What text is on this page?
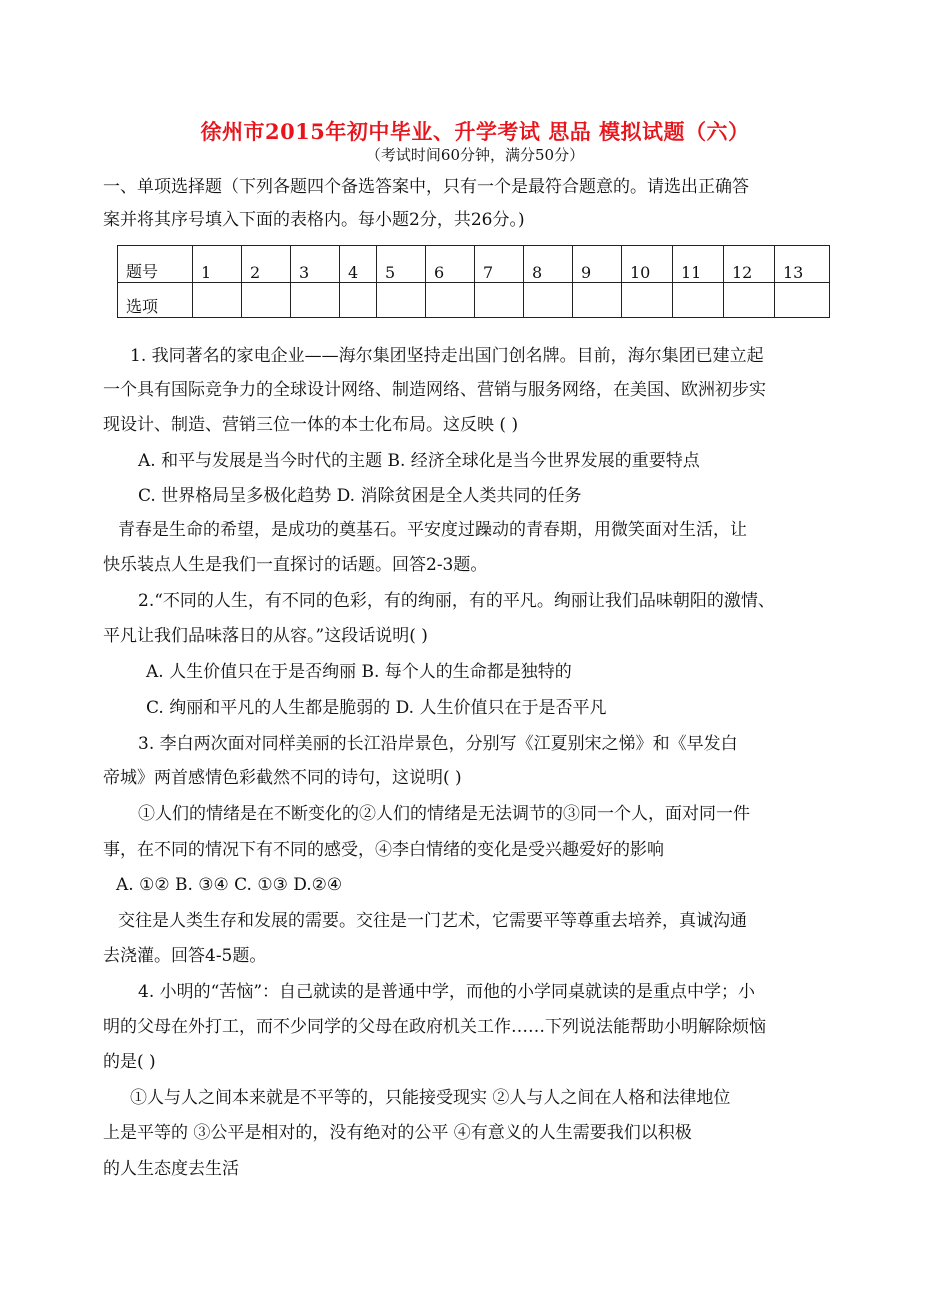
徐州市2015年初中毕业、升学考试 思品 模拟试题（六）
（考试时间60分钟，满分50分）
一、单项选择题（下列各题四个备选答案中，只有一个是最符合题意的。请选出正确答
案并将其序号填入下面的表格内。每小题2分，共26分。)
题号	1	2	3	4	5	6	7	8	9	10	11	12	13
选项													
1. 我同著名的家电企业——海尔集团坚持走出国门创名牌。目前，海尔集团已建立起
一个具有国际竞争力的全球设计网络、制造网络、营销与服务网络，在美国、欧洲初步实
现设计、制造、营销三位一体的本士化布局。这反映 ( )
A. 和平与发展是当今时代的主题 B. 经济全球化是当今世界发展的重要特点
C. 世界格局呈多极化趋势 D. 消除贫困是全人类共同的任务
青春是生命的希望，是成功的奠基石。平安度过躁动的青春期，用微笑面对生活，让
快乐装点人生是我们一直探讨的话题。回答2-3题。
2.“不同的人生，有不同的色彩，有的绚丽，有的平凡。绚丽让我们品味朝阳的激情、
平凡让我们品味落日的从容。”这段话说明( )
A. 人生价值只在于是否绚丽 B. 每个人的生命都是独特的
C. 绚丽和平凡的人生都是脆弱的 D. 人生价值只在于是否平凡
3. 李白两次面对同样美丽的长江沿岸景色，分别写《江夏别宋之悌》和《早发白
帝城》两首感情色彩截然不同的诗句，这说明( )
①人们的情绪是在不断变化的②人们的情绪是无法调节的③同一个人，面对同一件
事，在不同的情况下有不同的感受，④李白情绪的变化是受兴趣爱好的影响
A. ①② B. ③④ C. ①③ D.②④
交往是人类生存和发展的需要。交往是一门艺术，它需要平等尊重去培养，真诚沟通
去浇灌。回答4-5题。
4. 小明的“苦恼”：自己就读的是普通中学，而他的小学同桌就读的是重点中学；小
明的父母在外打工，而不少同学的父母在政府机关工作……下列说法能帮助小明解除烦恼
的是( )
①人与人之间本来就是不平等的，只能接受现实 ②人与人之间在人格和法律地位
上是平等的 ③公平是相对的，没有绝对的公平 ④有意义的人生需要我们以积极
的人生态度去生活
